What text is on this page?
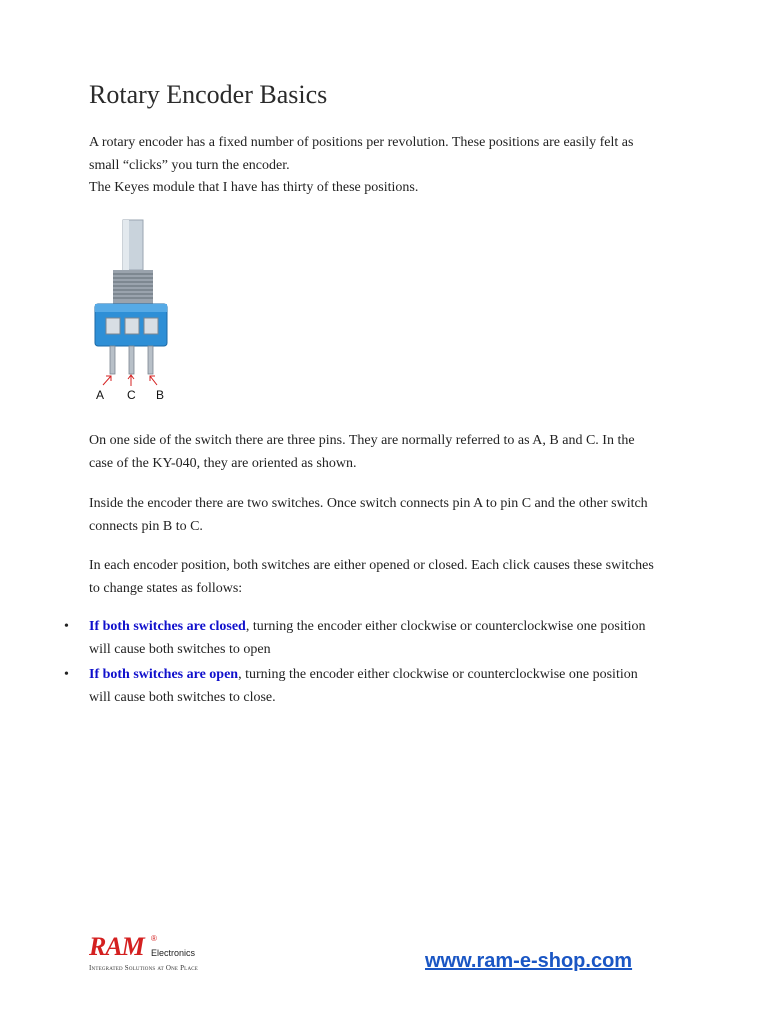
Rotary Encoder Basics

A rotary encoder has a fixed number of positions per revolution. These positions are easily felt as
small “clicks” you turn the encoder.
The Keyes module that I have has thirty of these positions.

A C B

On one side of the switch there are three pins. They are normally referred to as A, B and C. In the
case of the KY-040, they are oriented as shown.

Inside the encoder there are two switches. Once switch connects pin A to pin C and the other switch
connects pin B to C.

In each encoder position, both switches are either opened or closed. Each click causes these switches
to change states as follows:

• If both switches are closed, turning the encoder either clockwise or counterclockwise one position
will cause both switches to open
• If both switches are open, turning the encoder either clockwise or counterclockwise one position
will cause both switches to close.
RAM ®
Electronics
Integrated Solutions at One Place	www.ram-e-shop.com
